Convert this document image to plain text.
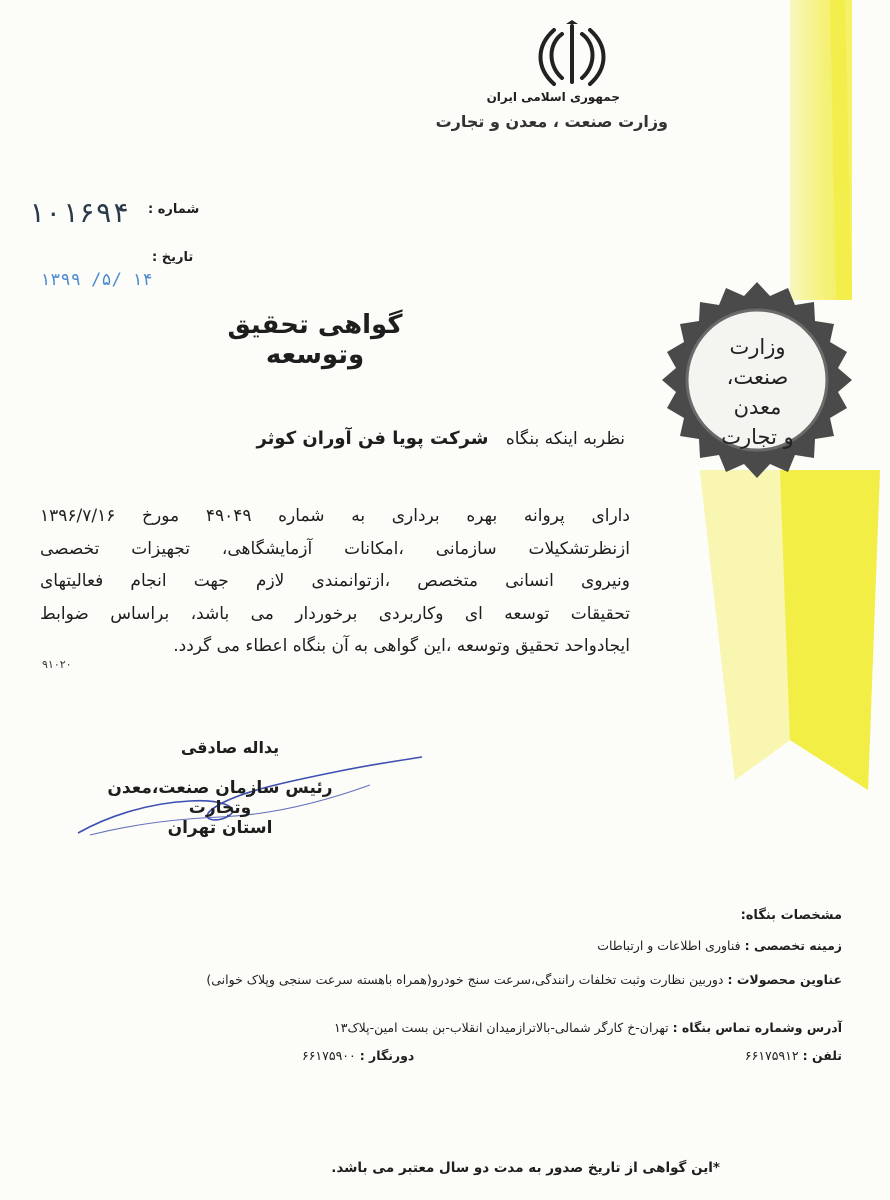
وزارت
صنعت، معدن
و تجارت
جمهوری اسلامی ایران
وزارت صنعت ، معدن و تجارت
شماره :
۱۰۱۶۹۴
تاریخ :
۱۳۹۹ /۵/ ۱۴
گواهی تحقیق وتوسعه
نظربه اینکه بنگاه شرکت پویا فن آوران کوثر
دارای پروانه بهره برداری به شماره ۴۹۰۴۹ مورخ ۱۳۹۶/۷/۱۶
ازنظرتشکیلات سازمانی ،امکانات آزمایشگاهی، تجهیزات تخصصی
ونیروی انسانی متخصص ،ازتوانمندی لازم جهت انجام فعالیتهای
تحقیقات توسعه ای وکاربردی برخوردار می باشد، براساس ضوابط
ایجادواحد تحقیق وتوسعه ،این گواهی به آن بنگاه اعطاء می گردد.
۹۱۰۲۰
یداله صادقی
رئیس سازمان صنعت،معدن وتجارت
استان تهران
مشخصات بنگاه:
زمینه تخصصی : فناوری اطلاعات و ارتباطات
عناوین محصولات : دوربین نظارت وثبت تخلفات رانندگی،سرعت سنج خودرو(همراه باهسته سرعت سنجی وپلاک خوانی)
آدرس وشماره تماس بنگاه : تهران-خ کارگر شمالی-بالاترازمیدان انقلاب-بن بست امین-پلاک۱۳
تلفن : ۶۶۱۷۵۹۱۲
دورنگار : ۶۶۱۷۵۹۰۰
*این گواهی از تاریخ صدور به مدت دو سال معتبر می باشد.
